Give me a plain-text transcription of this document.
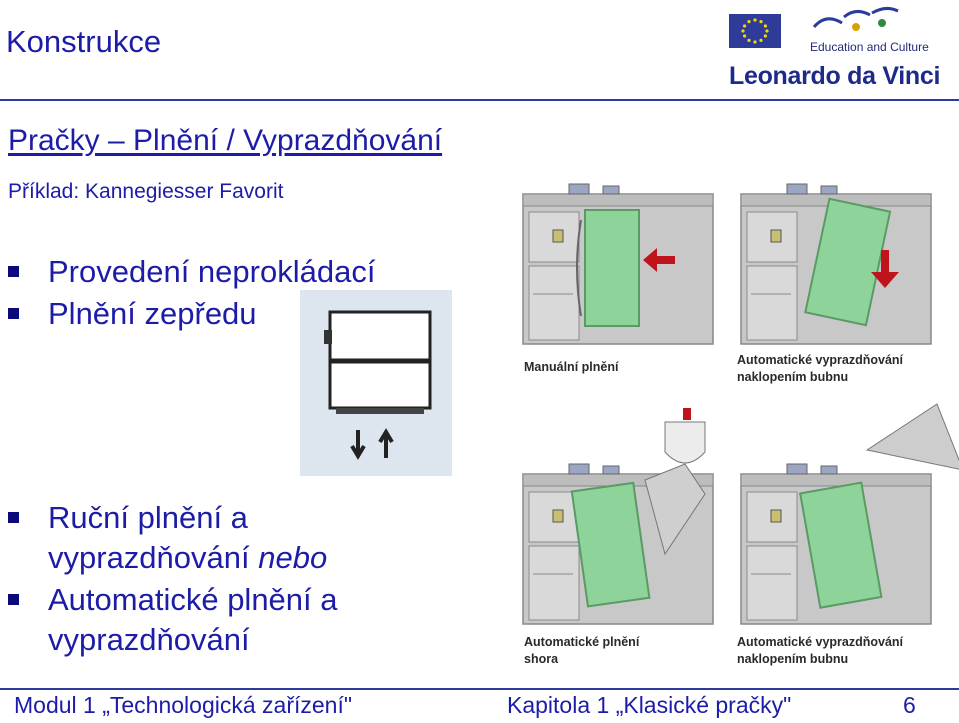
Konstrukce	Education and Culture
Leonardo da Vinci
Pračky – Plnění / Vyprazdňování
Příklad: Kannegiesser Favorit
Provedení neprokládací
Plnění zepředu
Ruční plnění a
vyprazdňování nebo
Automatické plnění a
vyprazdňování
Manuální plnění	Automatické vyprazdňování
naklopením bubnu
Automatické plnění
shora
Automatické vyprazdňování
naklopením bubnu
Modul 1 „Technologická zařízení"	Kapitola 1 „Klasické pračky"	6
